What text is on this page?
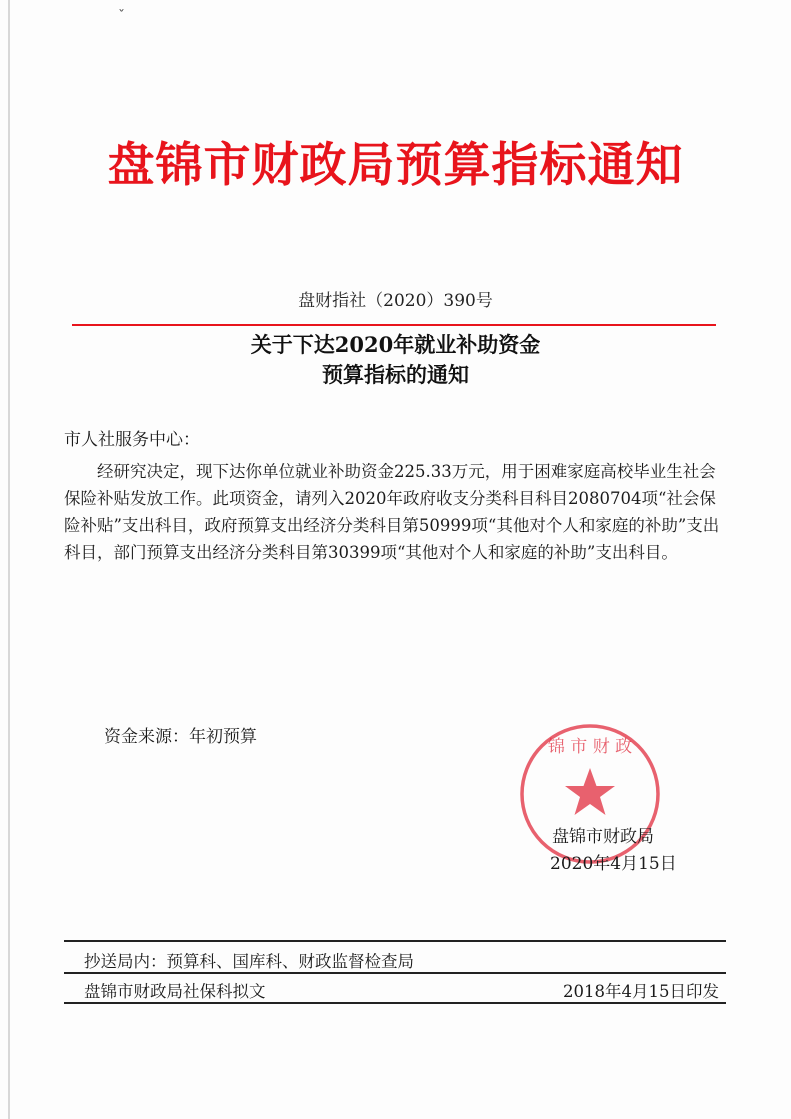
ˇ
盘锦市财政局预算指标通知
盘财指社（2020）390号
关于下达2020年就业补助资金
预算指标的通知
市人社服务中心：
经研究决定，现下达你单位就业补助资金225.33万元，用于困难家庭高校毕业生社会保险补贴发放工作。此项资金，请列入2020年政府收支分类科目科目2080704项“社会保险补贴”支出科目，政府预算支出经济分类科目第50999项“其他对个人和家庭的补助”支出科目，部门预算支出经济分类科目第30399项“其他对个人和家庭的补助”支出科目。
资金来源：年初预算	锦 市 财 政
盘锦市财政局
2020年4月15日
抄送局内：预算科、国库科、财政监督检查局
盘锦市财政局社保科拟文	2018年4月15日印发
